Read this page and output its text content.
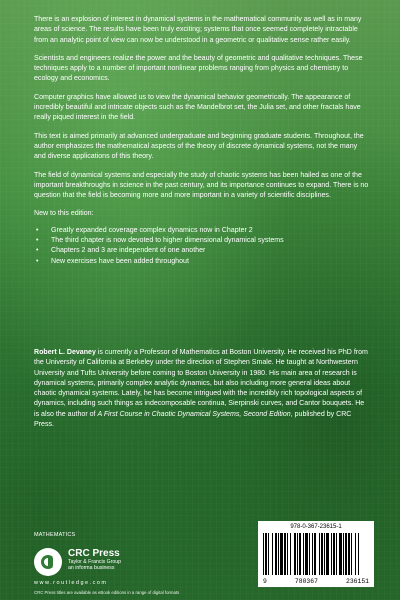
There is an explosion of interest in dynamical systems in the mathematical community as well as in many areas of science. The results have been truly exciting; systems that once seemed completely intractable from an analytic point of view can now be understood in a geometric or qualitative sense rather easily.

Scientists and engineers realize the power and the beauty of geometric and qualitative techniques. These techniques apply to a number of important nonlinear problems ranging from physics and chemistry to ecology and economics.

Computer graphics have allowed us to view the dynamical behavior geometrically. The appearance of incredibly beautiful and intricate objects such as the Mandelbrot set, the Julia set, and other fractals have really piqued interest in the field.

This text is aimed primarily at advanced undergraduate and beginning graduate students. Throughout, the author emphasizes the mathematical aspects of the theory of discrete dynamical systems, not the many and diverse applications of this theory.

The field of dynamical systems and especially the study of chaotic systems has been hailed as one of the important breakthroughs in science in the past century, and its importance continues to expand. There is no question that the field is becoming more and more important in a variety of scientific disciplines.

New to this edition:

• Greatly expanded coverage complex dynamics now in Chapter 2
• The third chapter is now devoted to higher dimensional dynamical systems
• Chapters 2 and 3 are independent of one another
• New exercises have been added throughout
Robert L. Devaney is currently a Professor of Mathematics at Boston University. He received his PhD from the University of California at Berkeley under the direction of Stephen Smale. He taught at Northwestern University and Tufts University before coming to Boston University in 1980. His main area of research is dynamical systems, primarily complex analytic dynamics, but also including more general ideas about chaotic dynamical systems. Lately, he has become intrigued with the incredibly rich topological aspects of dynamics, including such things as indecomposable continua, Sierpinski curves, and Cantor bouquets. He is also the author of A First Course in Chaotic Dynamical Systems, Second Edition, published by CRC Press.
MATHEMATICS
CRC Press
Taylor & Francis Group
an informa business
www.routledge.com
CRC Press titles are available as eBook editions in a range of digital formats
978-0-367-23615-1
9	780367	236151
